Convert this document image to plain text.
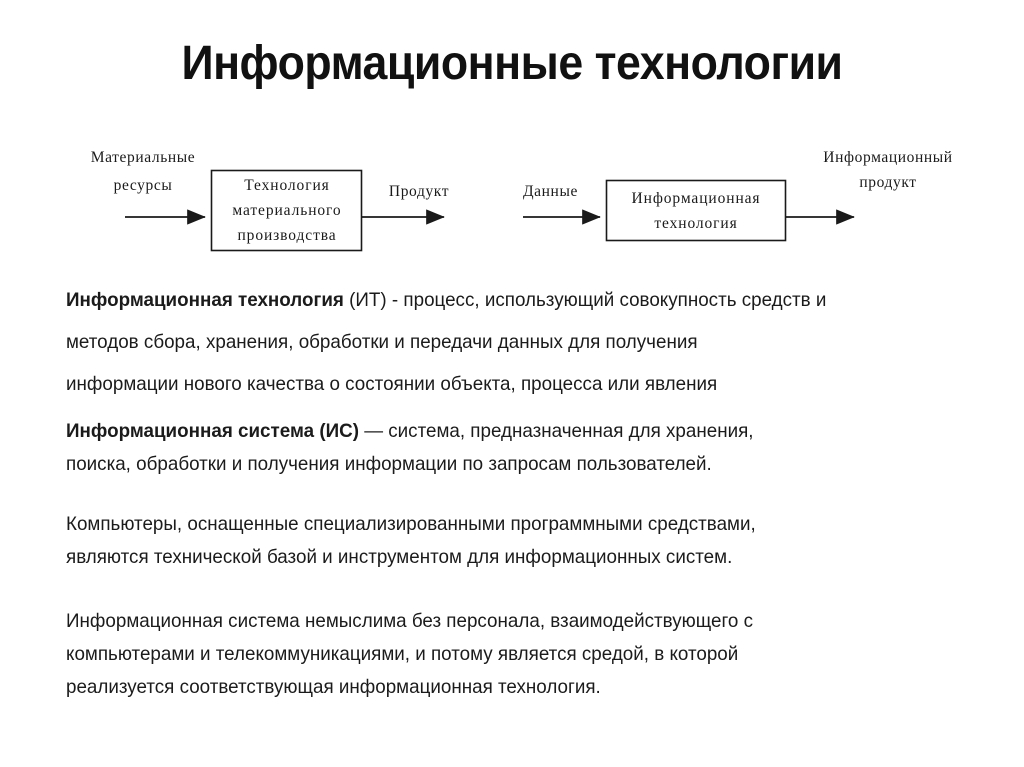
Информационные технологии
Материальные
ресурсы	Технология
материального
производства
Продукт	Данные	Информационная
технология
Информационный
продукт
Информационная технология (ИТ) - процесс, использующий совокупность средств и
методов сбора, хранения, обработки и передачи данных для получения
информации нового качества о состоянии объекта, процесса или явления
Информационная система (ИС) — система, предназначенная для хранения,
поиска, обработки и получения информации по запросам пользователей.
Компьютеры, оснащенные специализированными программными средствами,
являются технической базой и инструментом для информационных систем.
Информационная система немыслима без персонала, взаимодействующего с
компьютерами и телекоммуникациями, и потому является средой, в которой
реализуется соответствующая информационная технология.
